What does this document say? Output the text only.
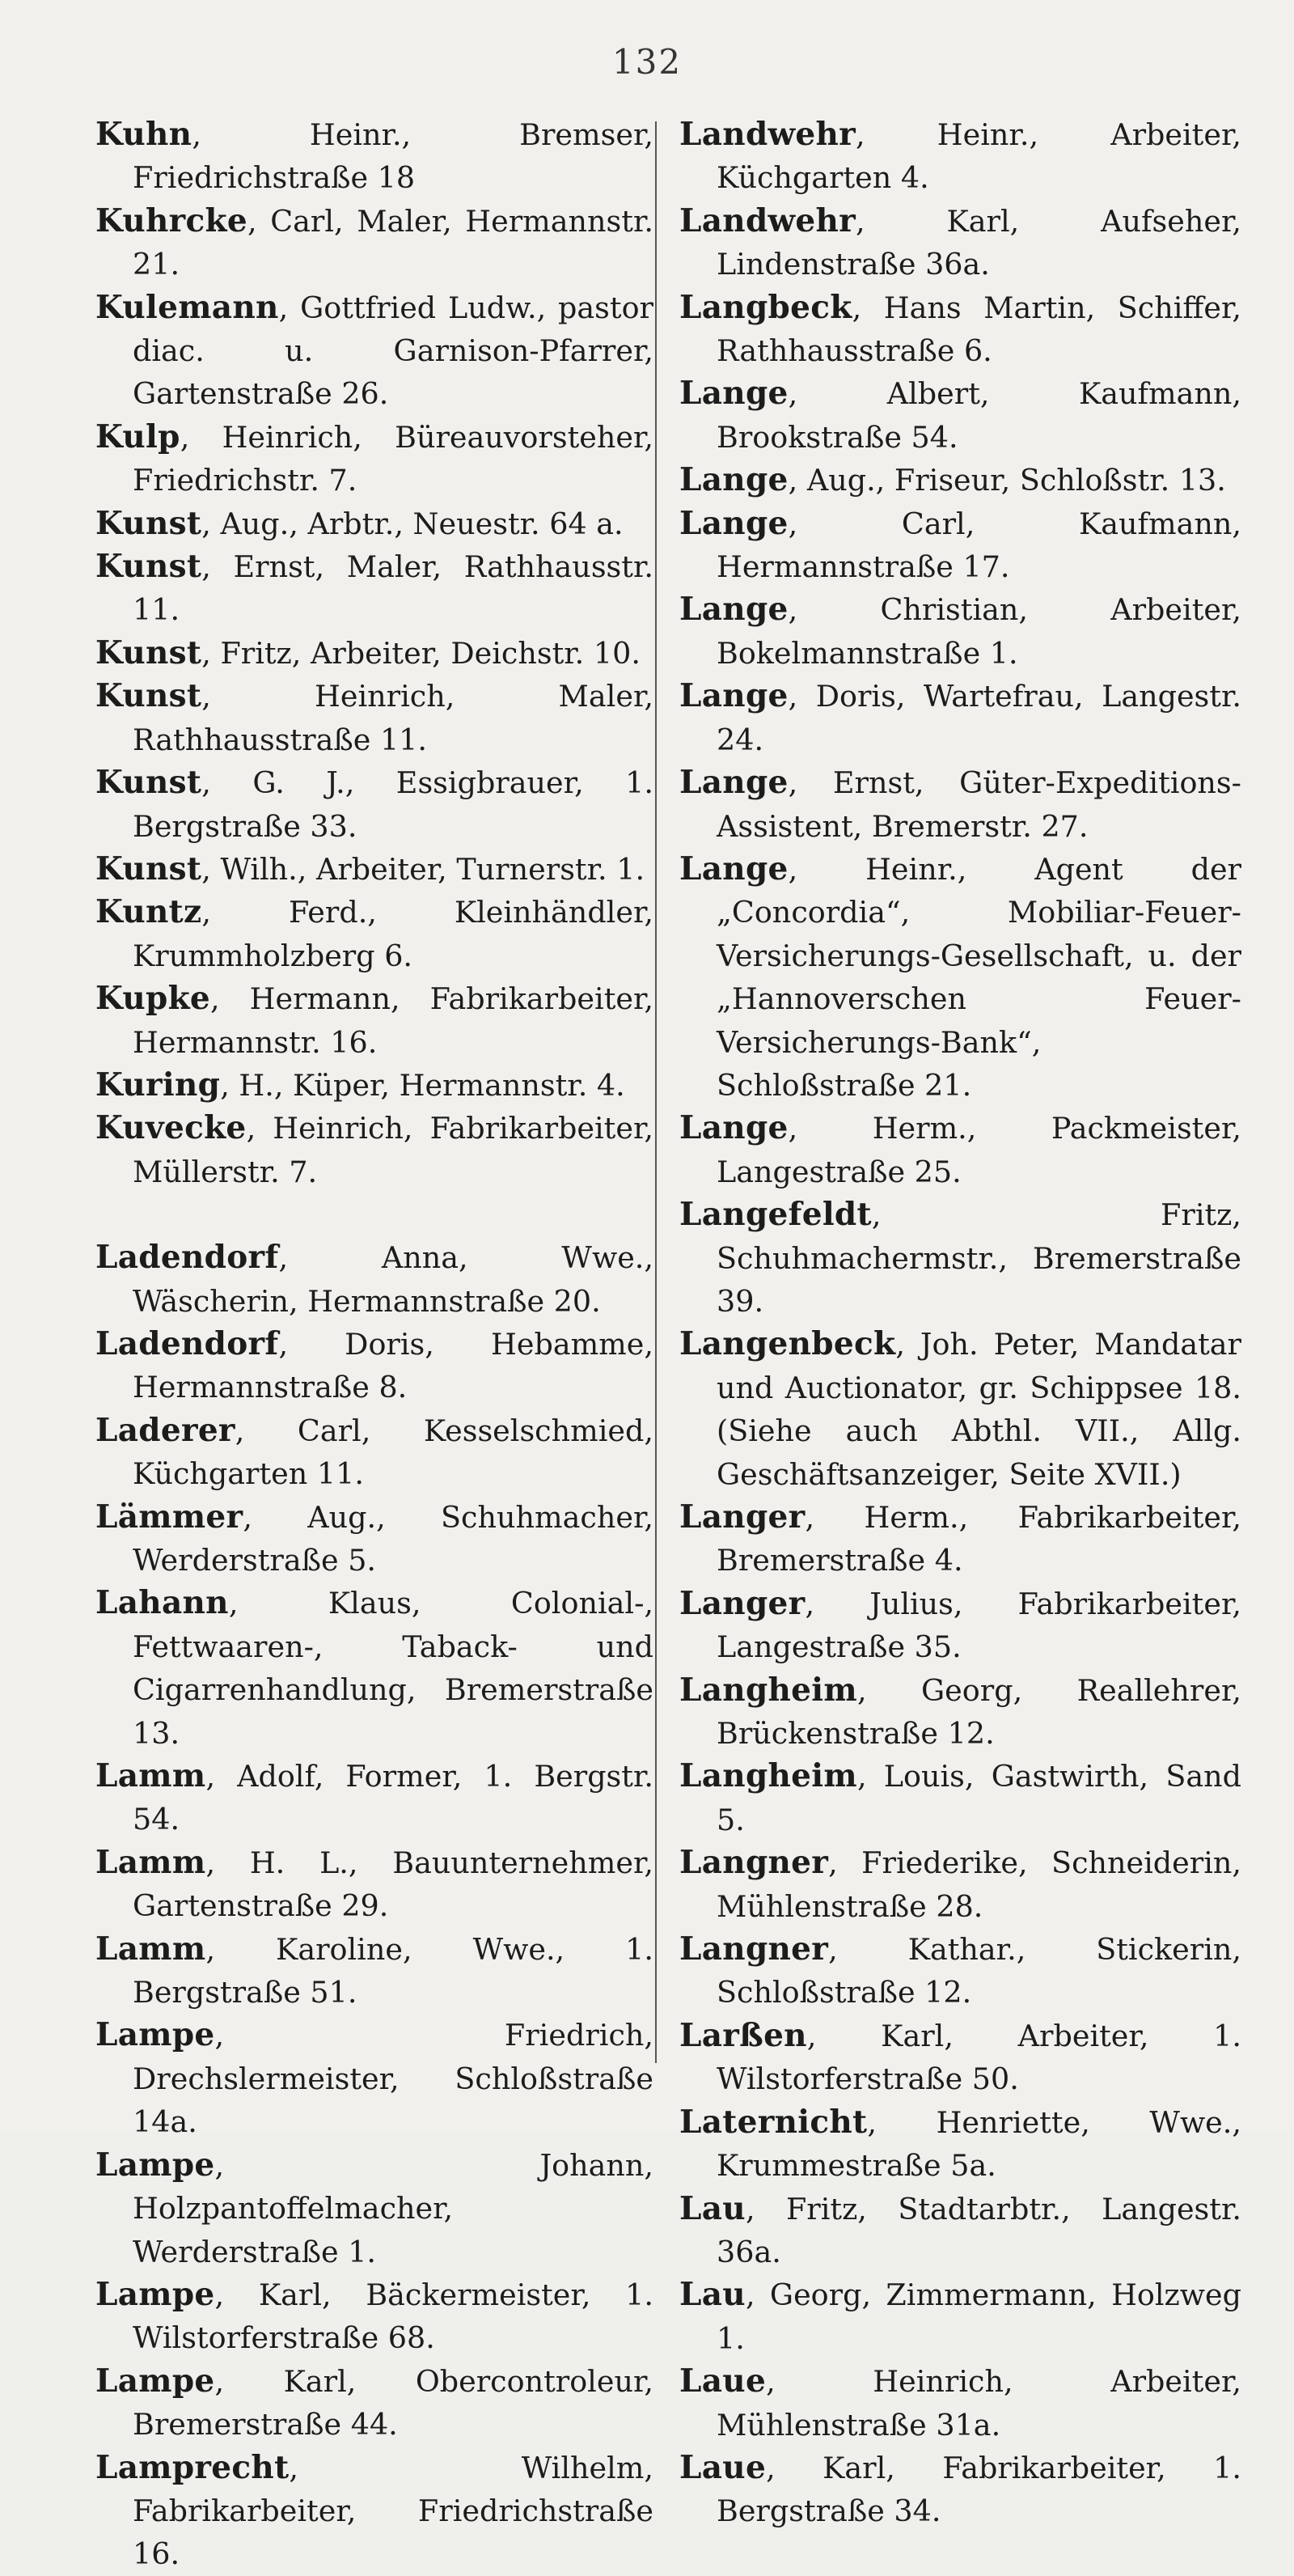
132

Kuhn, Heinr., Bremser, Friedrichstraße 18

Kuhrcke, Carl, Maler, Hermannstr. 21.

Kulemann, Gottfried Ludw., pastor diac. u. Garnison-Pfarrer, Gartenstraße 26.

Kulp, Heinrich, Büreauvorsteher, Friedrichstr. 7.

Kunst, Aug., Arbtr., Neuestr. 64 a.

Kunst, Ernst, Maler, Rathhausstr. 11.

Kunst, Fritz, Arbeiter, Deichstr. 10.

Kunst, Heinrich, Maler, Rathhausstraße 11.

Kunst, G. J., Essigbrauer, 1. Bergstraße 33.

Kunst, Wilh., Arbeiter, Turnerstr. 1.

Kuntz, Ferd., Kleinhändler, Krummholzberg 6.

Kupke, Hermann, Fabrikarbeiter, Hermannstr. 16.

Kuring, H., Küper, Hermannstr. 4.

Kuvecke, Heinrich, Fabrikarbeiter, Müllerstr. 7.

Ladendorf, Anna, Wwe., Wäscherin, Hermannstraße 20.

Ladendorf, Doris, Hebamme, Hermannstraße 8.

Laderer, Carl, Kesselschmied, Küchgarten 11.

Lämmer, Aug., Schuhmacher, Werderstraße 5.

Lahann, Klaus, Colonial-, Fettwaaren-, Taback- und Cigarrenhandlung, Bremerstraße 13.

Lamm, Adolf, Former, 1. Bergstr. 54.

Lamm, H. L., Bauunternehmer, Gartenstraße 29.

Lamm, Karoline, Wwe., 1. Bergstraße 51.

Lampe, Friedrich, Drechslermeister, Schloßstraße 14a.

Lampe, Johann, Holzpantoffelmacher, Werderstraße 1.

Lampe, Karl, Bäckermeister, 1. Wilstorferstraße 68.

Lampe, Karl, Obercontroleur, Bremerstraße 44.

Lamprecht, Wilhelm, Fabrikarbeiter, Friedrichstraße 16.

Landwehr, Heinr., Arbeiter, Küchgarten 4.

Landwehr, Karl, Aufseher, Lindenstraße 36a.

Langbeck, Hans Martin, Schiffer, Rathhausstraße 6.

Lange, Albert, Kaufmann, Brookstraße 54.

Lange, Aug., Friseur, Schloßstr. 13.

Lange, Carl, Kaufmann, Hermannstraße 17.

Lange, Christian, Arbeiter, Bokelmannstraße 1.

Lange, Doris, Wartefrau, Langestr. 24.

Lange, Ernst, Güter-Expeditions-Assistent, Bremerstr. 27.

Lange, Heinr., Agent der „Concordia“, Mobiliar-Feuer-Versicherungs-Gesellschaft, u. der „Hannoverschen Feuer-Versicherungs-Bank“, Schloßstraße 21.

Lange, Herm., Packmeister, Langestraße 25.

Langefeldt, Fritz, Schuhmachermstr., Bremerstraße 39.

Langenbeck, Joh. Peter, Mandatar und Auctionator, gr. Schippsee 18. (Siehe auch Abthl. VII., Allg. Geschäftsanzeiger, Seite XVII.)

Langer, Herm., Fabrikarbeiter, Bremerstraße 4.

Langer, Julius, Fabrikarbeiter, Langestraße 35.

Langheim, Georg, Reallehrer, Brückenstraße 12.

Langheim, Louis, Gastwirth, Sand 5.

Langner, Friederike, Schneiderin, Mühlenstraße 28.

Langner, Kathar., Stickerin, Schloßstraße 12.

Larßen, Karl, Arbeiter, 1. Wilstorferstraße 50.

Laternicht, Henriette, Wwe., Krummestraße 5a.

Lau, Fritz, Stadtarbtr., Langestr. 36a.

Lau, Georg, Zimmermann, Holzweg 1.

Laue, Heinrich, Arbeiter, Mühlenstraße 31a.

Laue, Karl, Fabrikarbeiter, 1. Bergstraße 34.
